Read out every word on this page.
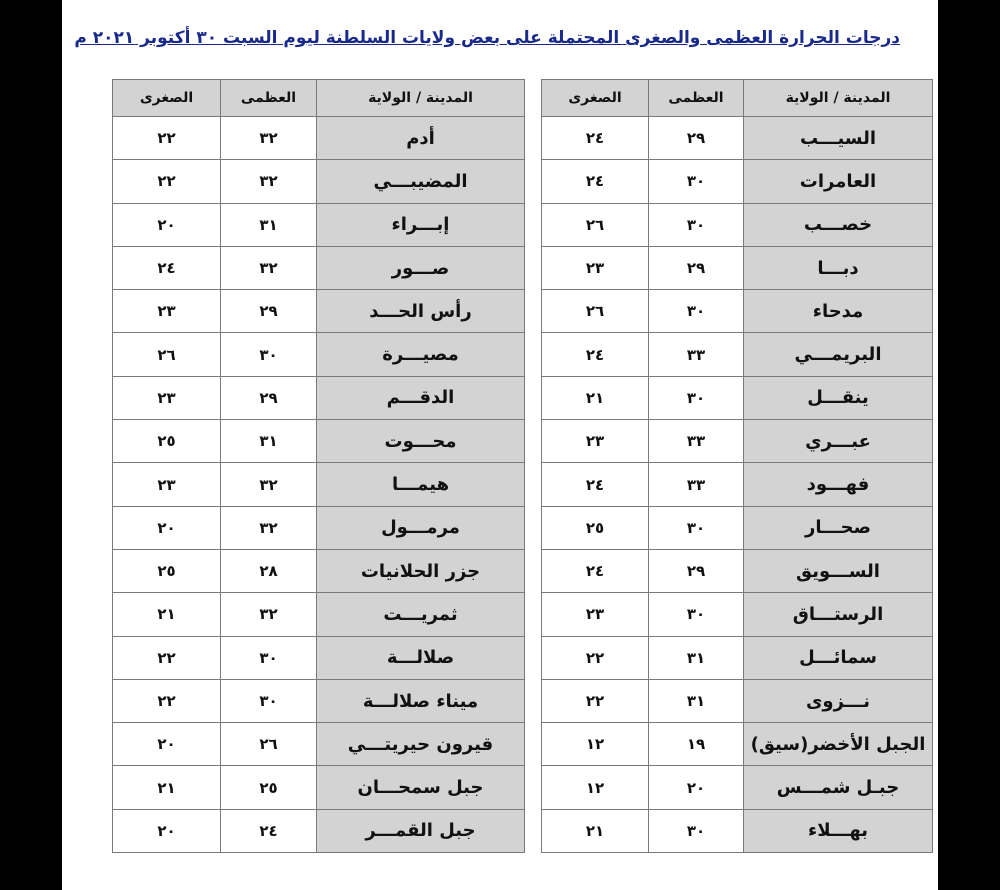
درجات الحرارة العظمى والصغرى المحتملة على بعض ولايات السلطنة ليوم السبت ٣٠ أكتوبر ٢٠٢١ م
المدينة / الولاية	العظمى	الصغرى
السيـــب	٢٩	٢٤
العامرات	٣٠	٢٤
خصـــب	٣٠	٢٦
دبـــا	٢٩	٢٣
مدحاء	٣٠	٢٦
البريمـــي	٣٣	٢٤
ينقـــل	٣٠	٢١
عبـــري	٣٣	٢٣
فهـــود	٣٣	٢٤
صحـــار	٣٠	٢٥
الســـويق	٢٩	٢٤
الرستـــاق	٣٠	٢٣
سمائـــل	٣١	٢٢
نـــزوى	٣١	٢٢
الجبل الأخضر(سيق)	١٩	١٢
جبـل شمـــس	٢٠	١٢
بهـــلاء	٣٠	٢١
المدينة / الولاية	العظمى	الصغرى
أدم	٣٢	٢٢
المضيبـــي	٣٢	٢٢
إبـــراء	٣١	٢٠
صـــور	٣٢	٢٤
رأس الحـــد	٢٩	٢٣
مصيـــرة	٣٠	٢٦
الدقـــم	٢٩	٢٣
محـــوت	٣١	٢٥
هيمـــا	٣٢	٢٣
مرمـــول	٣٢	٢٠
جزر الحلانيات	٢٨	٢٥
ثمريـــت	٣٢	٢١
صلالـــة	٣٠	٢٢
ميناء صلالـــة	٣٠	٢٢
قيرون حيريتـــي	٢٦	٢٠
جبل سمحـــان	٢٥	٢١
جبل القمـــر	٢٤	٢٠
